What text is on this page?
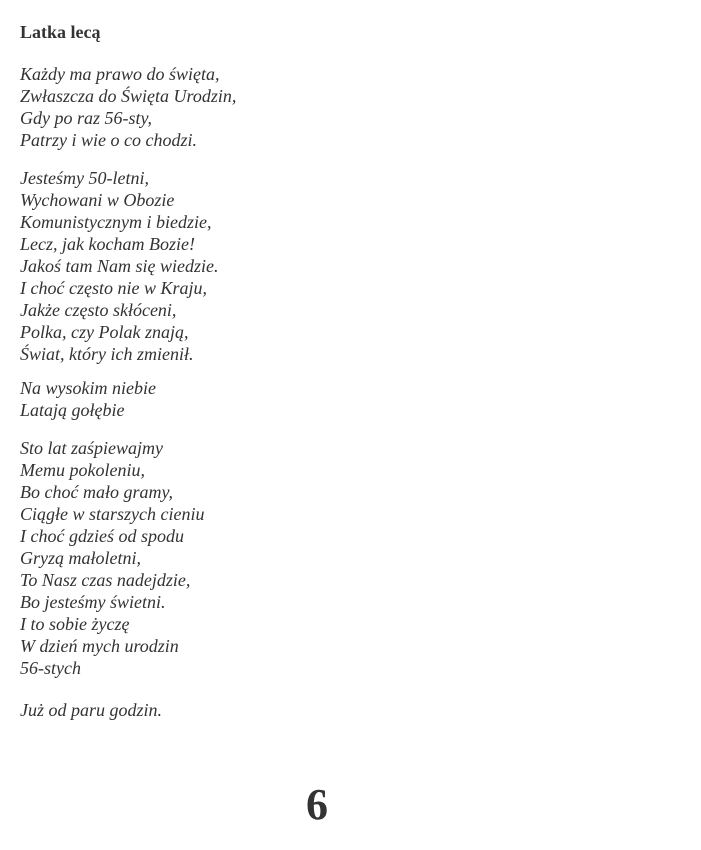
Latka lecą
Każdy ma prawo do święta,
Zwłaszcza do Święta Urodzin,
Gdy po raz 56-sty,
Patrzy i wie o co chodzi.
Jesteśmy 50-letni,
Wychowani w Obozie
Komunistycznym i biedzie,
Lecz, jak kocham Bozie!
Jakoś tam Nam się wiedzie.
I choć często nie w Kraju,
Jakże często skłóceni,
Polka, czy Polak znają,
Świat, który ich zmienił.
Na wysokim niebie
Latają gołębie
Sto lat zaśpiewajmy
Memu pokoleniu,
Bo choć mało gramy,
Ciągłe w starszych cieniu
I choć gdzieś od spodu
Gryzą małoletni,
To Nasz czas nadejdzie,
Bo jesteśmy świetni.
I to sobie życzę
W dzień mych urodzin
56-stych
Już od paru godzin.
6
